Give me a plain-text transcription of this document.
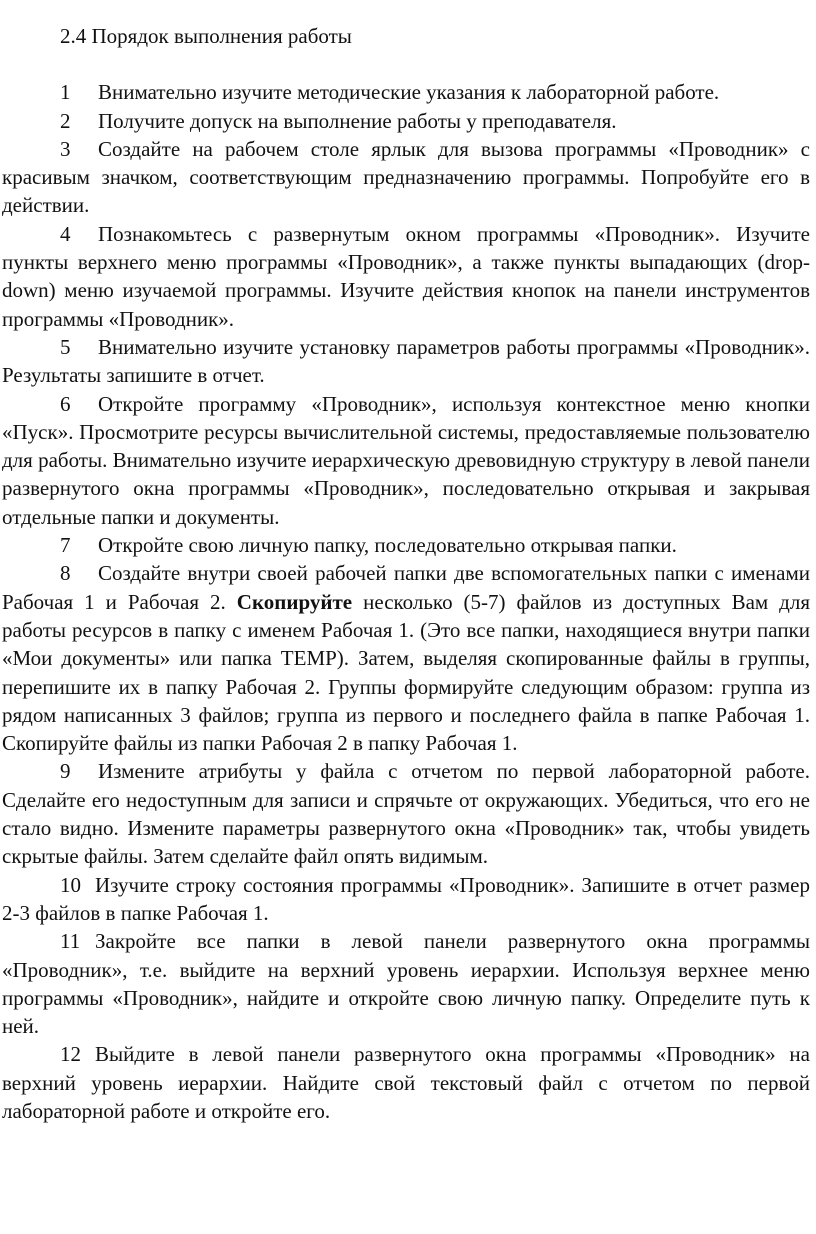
2.4 Порядок выполнения работы

1 Внимательно изучите методические указания к лабораторной работе.

2 Получите допуск на выполнение работы у преподавателя.

3 Создайте на рабочем столе ярлык для вызова программы «Проводник» с красивым значком, соответствующим предназначению программы. Попробуйте его в действии.

4 Познакомьтесь с развернутым окном программы «Проводник». Изучите пункты верхнего меню программы «Проводник», а также пункты выпадающих (drop-down) меню изучаемой программы. Изучите действия кнопок на панели инструментов программы «Проводник».

5 Внимательно изучите установку параметров работы программы «Проводник». Результаты запишите в отчет.

6 Откройте программу «Проводник», используя контекстное меню кнопки «Пуск». Просмотрите ресурсы вычислительной системы, предоставляемые пользователю для работы. Внимательно изучите иерархическую древовидную структуру в левой панели развернутого окна программы «Проводник», последовательно открывая и закрывая отдельные папки и документы.

7 Откройте свою личную папку, последовательно открывая папки.

8 Создайте внутри своей рабочей папки две вспомогательных папки с именами Рабочая 1 и Рабочая 2. Скопируйте несколько (5-7) файлов из доступных Вам для работы ресурсов в папку с именем Рабочая 1. (Это все папки, находящиеся внутри папки «Мои документы» или папка ТЕМР). Затем, выделяя скопированные файлы в группы, перепишите их в папку Рабочая 2. Группы формируйте следующим образом: группа из рядом написанных 3 файлов; группа из первого и последнего файла в папке Рабочая 1. Скопируйте файлы из папки Рабочая 2 в папку Рабочая 1.

9 Измените атрибуты у файла с отчетом по первой лабораторной работе. Сделайте его недоступным для записи и спрячьте от окружающих. Убедиться, что его не стало видно. Измените параметры развернутого окна «Проводник» так, чтобы увидеть скрытые файлы. Затем сделайте файл опять видимым.

10 Изучите строку состояния программы «Проводник». Запишите в отчет размер 2-3 файлов в папке Рабочая 1.

11 Закройте все папки в левой панели развернутого окна программы «Проводник», т.е. выйдите на верхний уровень иерархии. Используя верхнее меню программы «Проводник», найдите и откройте свою личную папку. Определите путь к ней.

12 Выйдите в левой панели развернутого окна программы «Проводник» на верхний уровень иерархии. Найдите свой текстовый файл с отчетом по первой лабораторной работе и откройте его.
